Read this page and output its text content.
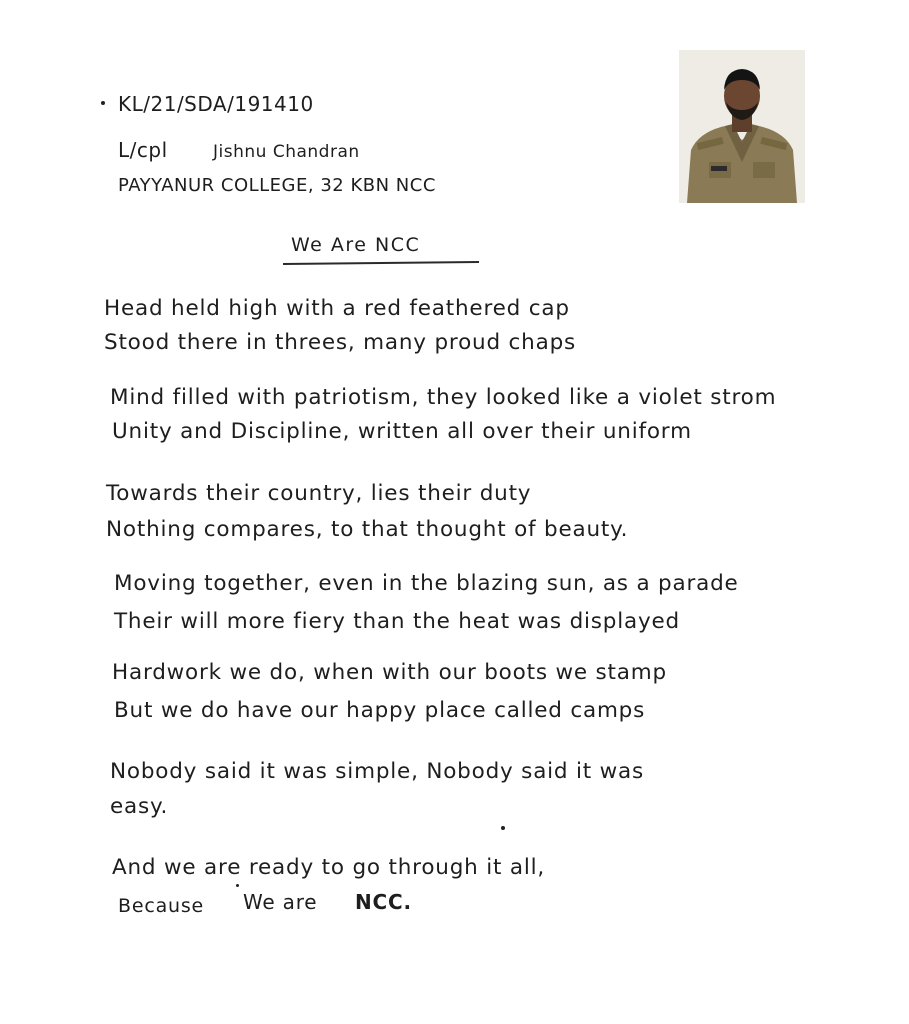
KL/21/SDA/191410
L/cpl	Jishnu Chandran
PAYYANUR COLLEGE, 32 KBN NCC
We Are NCC
Head held high with a red feathered cap
Stood there in threes, many proud chaps
Mind filled with patriotism, they looked like a violet strom
Unity and Discipline, written all over their uniform
Towards their country, lies their duty
Nothing compares, to that thought of beauty.
Moving together, even in the blazing sun, as a parade
Their will more fiery than the heat was displayed
Hardwork we do, when with our boots we stamp
But we do have our happy place called camps
Nobody said it was simple, Nobody said it was
easy.
And we are ready to go through it all,
Because We are NCC.
